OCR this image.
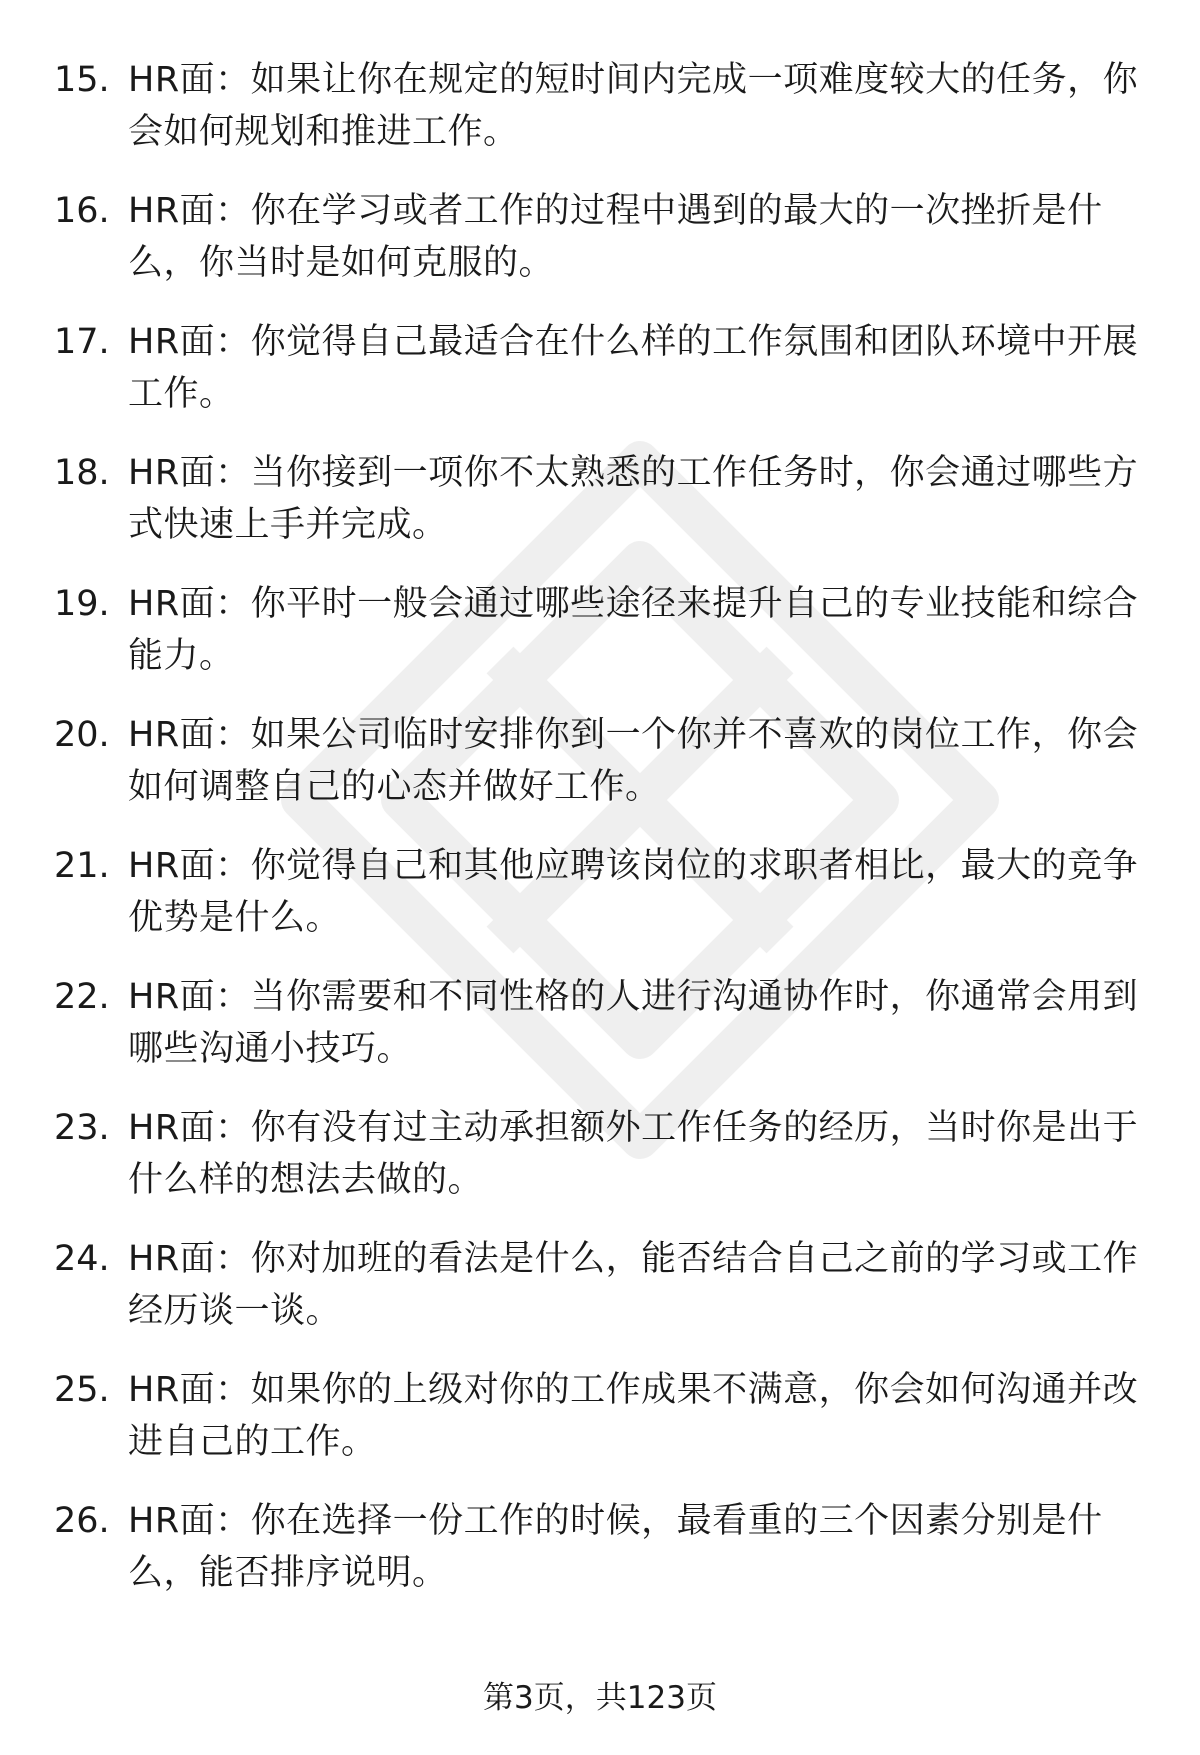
15. HR面：如果让你在规定的短时间内完成一项难度较大的任务，你会如何规划和推进工作。
16. HR面：你在学习或者工作的过程中遇到的最大的一次挫折是什么，你当时是如何克服的。
17. HR面：你觉得自己最适合在什么样的工作氛围和团队环境中开展工作。
18. HR面：当你接到一项你不太熟悉的工作任务时，你会通过哪些方式快速上手并完成。
19. HR面：你平时一般会通过哪些途径来提升自己的专业技能和综合能力。
20. HR面：如果公司临时安排你到一个你并不喜欢的岗位工作，你会如何调整自己的心态并做好工作。
21. HR面：你觉得自己和其他应聘该岗位的求职者相比，最大的竞争优势是什么。
22. HR面：当你需要和不同性格的人进行沟通协作时，你通常会用到哪些沟通小技巧。
23. HR面：你有没有过主动承担额外工作任务的经历，当时你是出于什么样的想法去做的。
24. HR面：你对加班的看法是什么，能否结合自己之前的学习或工作经历谈一谈。
25. HR面：如果你的上级对你的工作成果不满意，你会如何沟通并改进自己的工作。
26. HR面：你在选择一份工作的时候，最看重的三个因素分别是什么，能否排序说明。
第3页，共123页
